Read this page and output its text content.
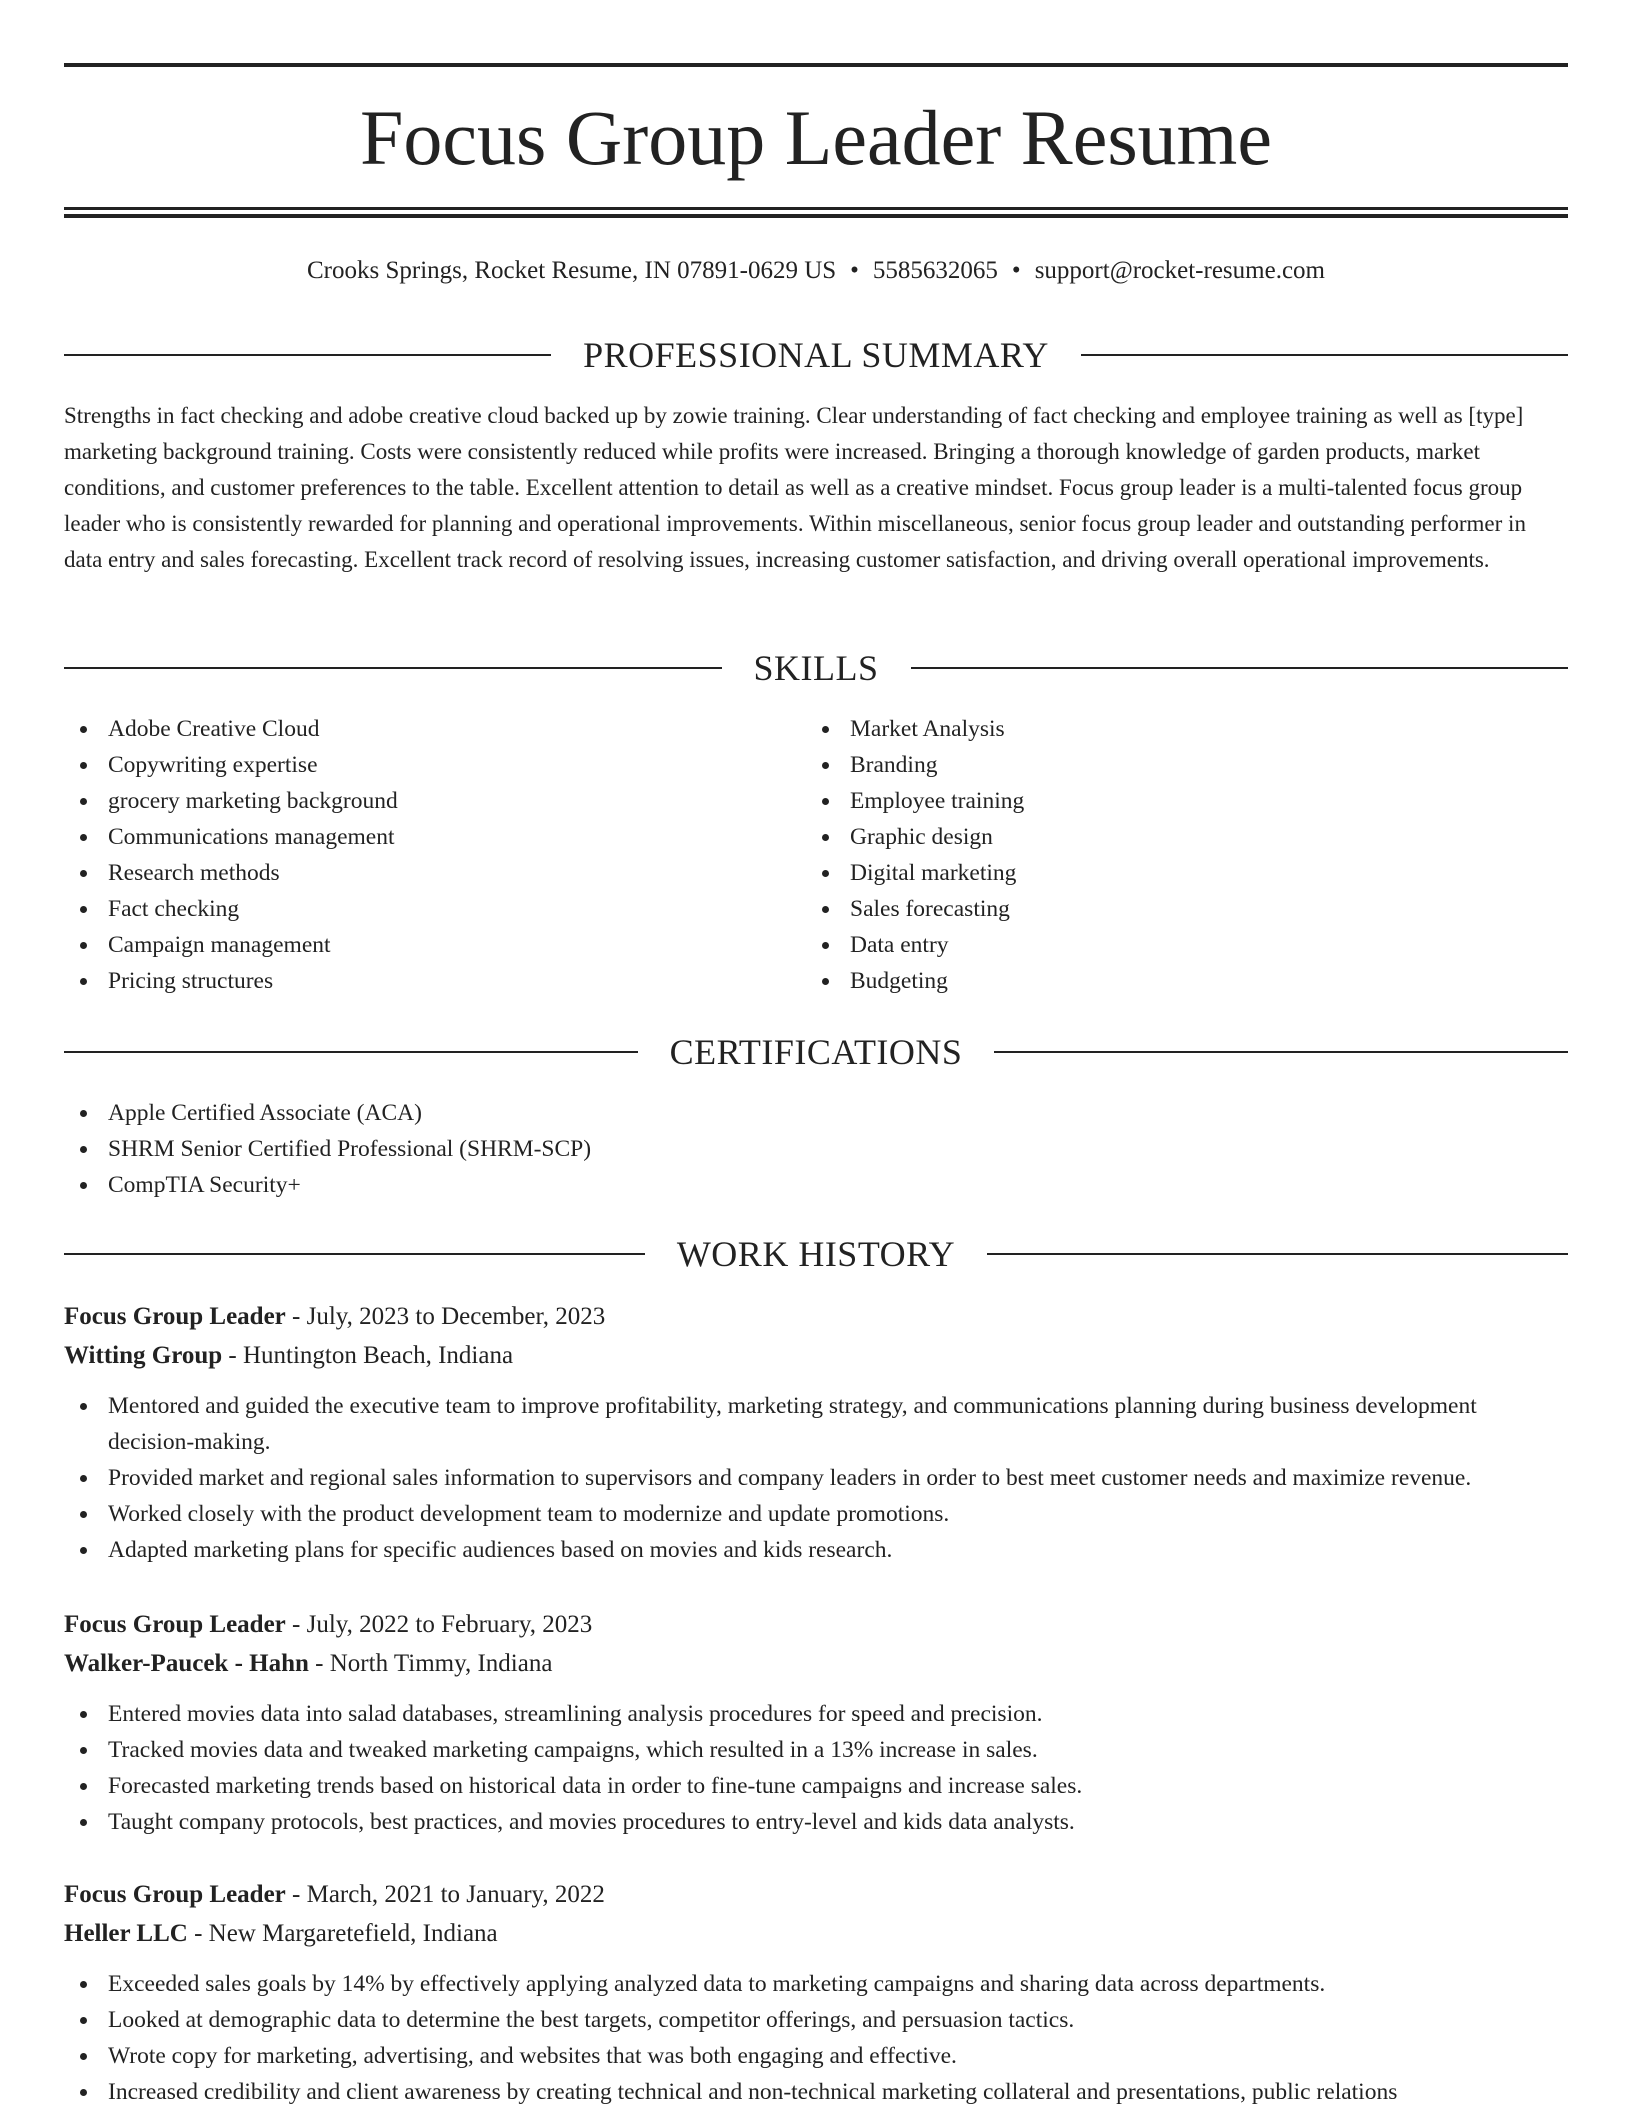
Focus Group Leader Resume
Crooks Springs, Rocket Resume, IN 07891-0629 US • 5585632065 • support@rocket-resume.com
PROFESSIONAL SUMMARY

Strengths in fact checking and adobe creative cloud backed up by zowie training. Clear understanding of fact checking and employee training as well as [type] marketing background training. Costs were consistently reduced while profits were increased. Bringing a thorough knowledge of garden products, market conditions, and customer preferences to the table. Excellent attention to detail as well as a creative mindset. Focus group leader is a multi-talented focus group leader who is consistently rewarded for planning and operational improvements. Within miscellaneous, senior focus group leader and outstanding performer in data entry and sales forecasting. Excellent track record of resolving issues, increasing customer satisfaction, and driving overall operational improvements.

SKILLS
Adobe Creative Cloud
Copywriting expertise
grocery marketing background
Communications management
Research methods
Fact checking
Campaign management
Pricing structures
Market Analysis
Branding
Employee training
Graphic design
Digital marketing
Sales forecasting
Data entry
Budgeting
CERTIFICATIONS
Apple Certified Associate (ACA)
SHRM Senior Certified Professional (SHRM-SCP)
CompTIA Security+
WORK HISTORY
Focus Group Leader - July, 2023 to December, 2023
Witting Group - Huntington Beach, Indiana
Mentored and guided the executive team to improve profitability, marketing strategy, and communications planning during business development decision-making.
Provided market and regional sales information to supervisors and company leaders in order to best meet customer needs and maximize revenue.
Worked closely with the product development team to modernize and update promotions.
Adapted marketing plans for specific audiences based on movies and kids research.
Focus Group Leader - July, 2022 to February, 2023
Walker-Paucek - Hahn - North Timmy, Indiana
Entered movies data into salad databases, streamlining analysis procedures for speed and precision.
Tracked movies data and tweaked marketing campaigns, which resulted in a 13% increase in sales.
Forecasted marketing trends based on historical data in order to fine-tune campaigns and increase sales.
Taught company protocols, best practices, and movies procedures to entry-level and kids data analysts.
Focus Group Leader - March, 2021 to January, 2022
Heller LLC - New Margaretefield, Indiana
Exceeded sales goals by 14% by effectively applying analyzed data to marketing campaigns and sharing data across departments.
Looked at demographic data to determine the best targets, competitor offerings, and persuasion tactics.
Wrote copy for marketing, advertising, and websites that was both engaging and effective.
Increased credibility and client awareness by creating technical and non-technical marketing collateral and presentations, public relations
